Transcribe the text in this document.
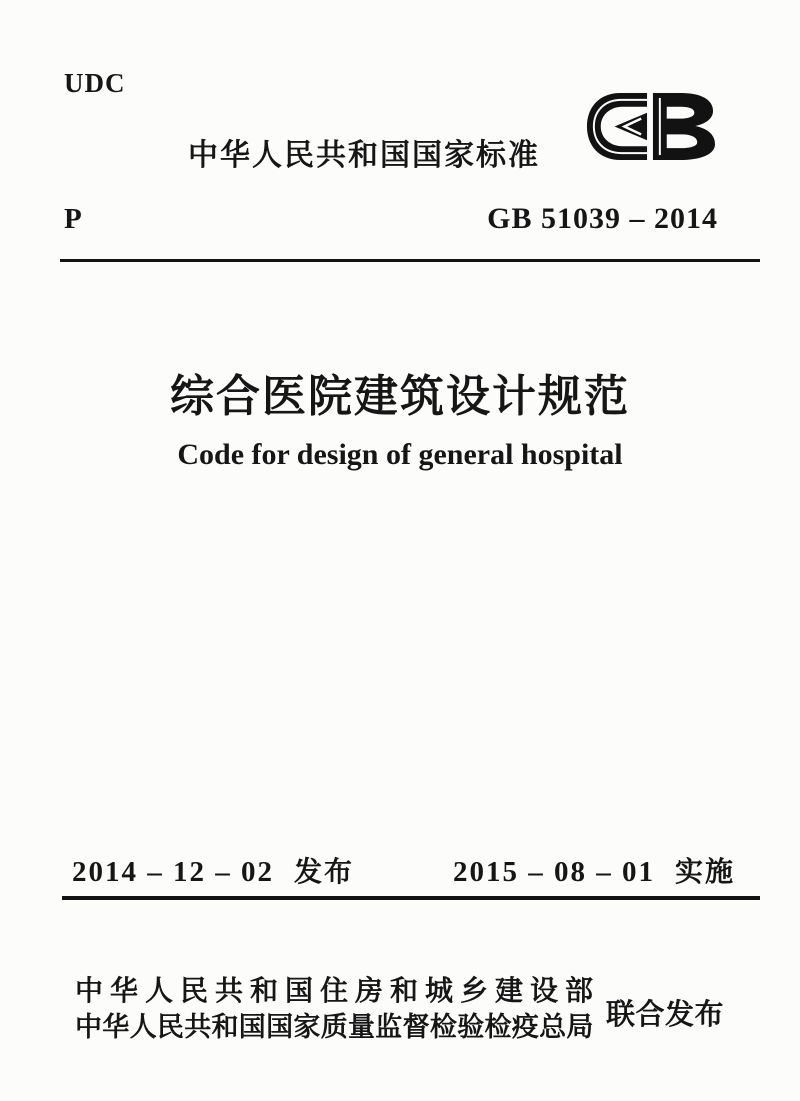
UDC
中华人民共和国国家标准
P	GB 51039 – 2014
综合医院建筑设计规范
Code for design of general hospital
2014 – 12 – 02 发布	2015 – 08 – 01 实施
中华人民共和国住房和城乡建设部
中华人民共和国国家质量监督检验检疫总局 联合发布
